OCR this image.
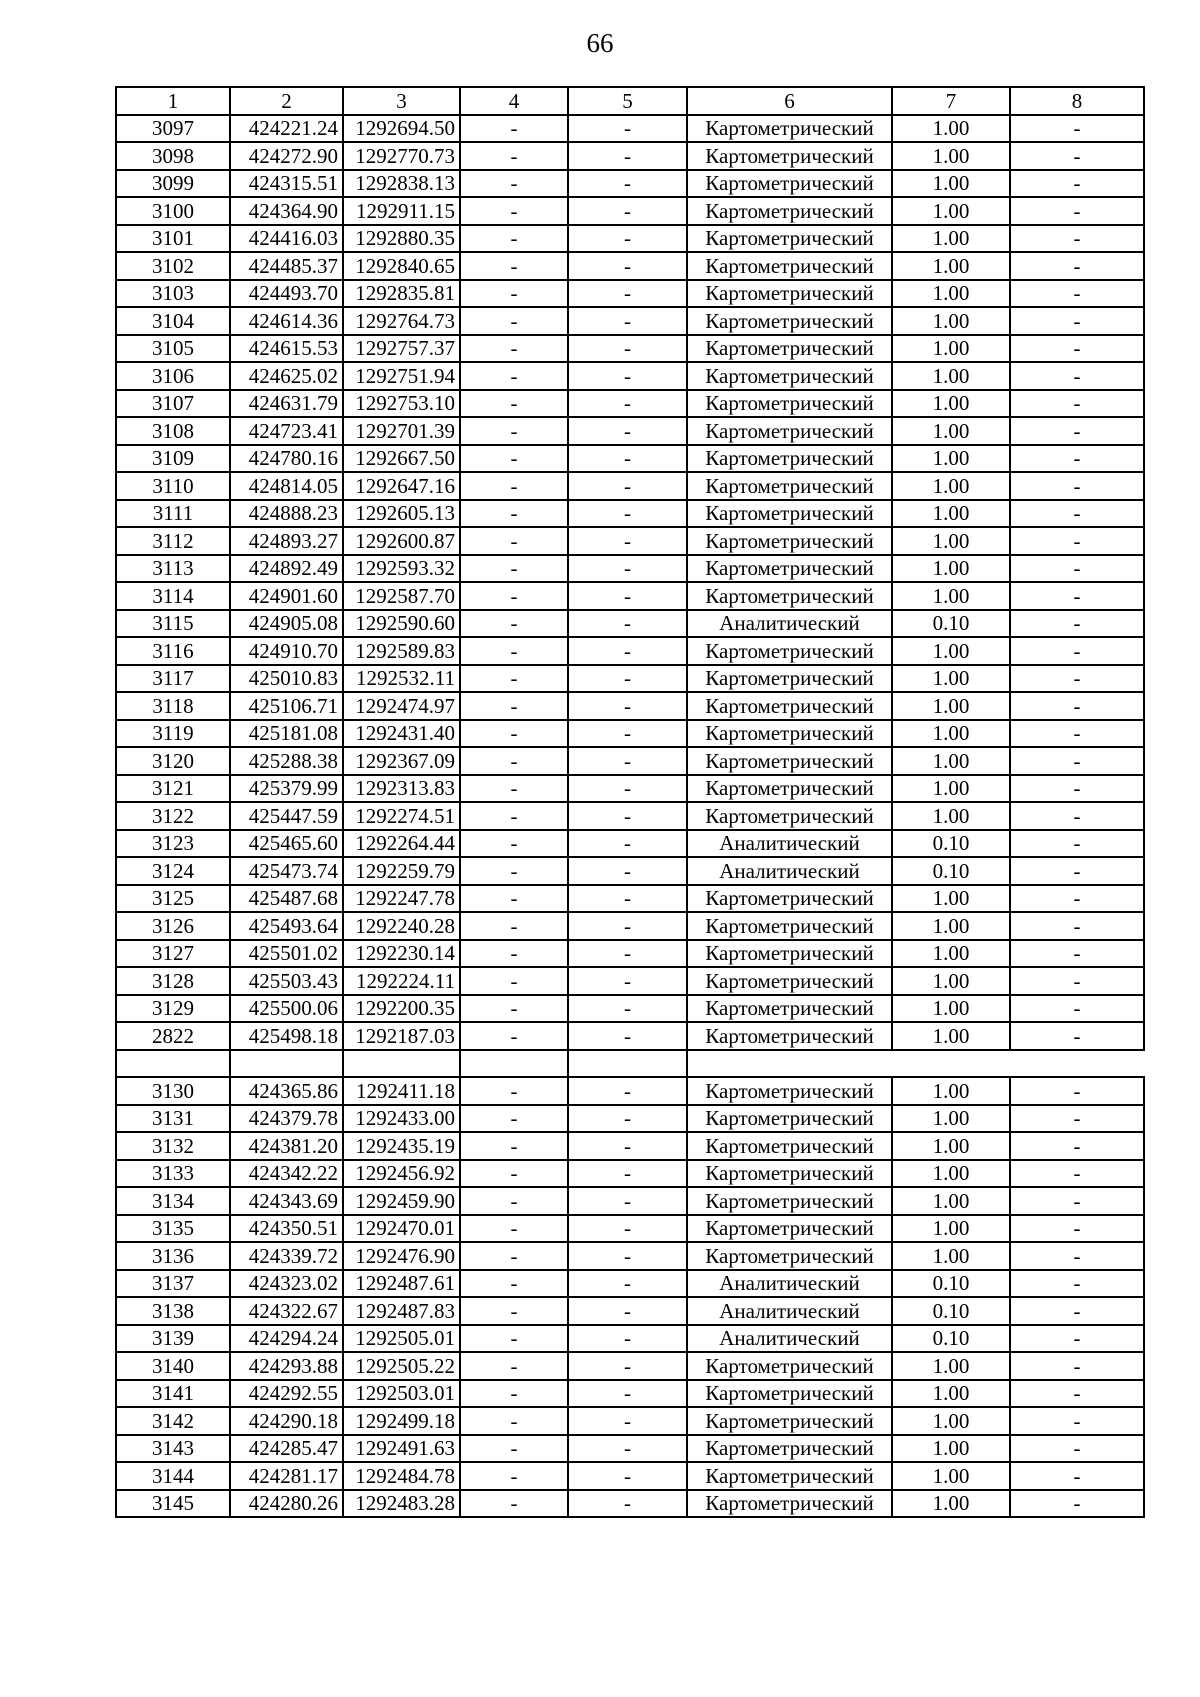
66
1	2	3	4	5	6	7	8
3097	424221.24	1292694.50	-	-	Картометрический	1.00	-
3098	424272.90	1292770.73	-	-	Картометрический	1.00	-
3099	424315.51	1292838.13	-	-	Картометрический	1.00	-
3100	424364.90	1292911.15	-	-	Картометрический	1.00	-
3101	424416.03	1292880.35	-	-	Картометрический	1.00	-
3102	424485.37	1292840.65	-	-	Картометрический	1.00	-
3103	424493.70	1292835.81	-	-	Картометрический	1.00	-
3104	424614.36	1292764.73	-	-	Картометрический	1.00	-
3105	424615.53	1292757.37	-	-	Картометрический	1.00	-
3106	424625.02	1292751.94	-	-	Картометрический	1.00	-
3107	424631.79	1292753.10	-	-	Картометрический	1.00	-
3108	424723.41	1292701.39	-	-	Картометрический	1.00	-
3109	424780.16	1292667.50	-	-	Картометрический	1.00	-
3110	424814.05	1292647.16	-	-	Картометрический	1.00	-
3111	424888.23	1292605.13	-	-	Картометрический	1.00	-
3112	424893.27	1292600.87	-	-	Картометрический	1.00	-
3113	424892.49	1292593.32	-	-	Картометрический	1.00	-
3114	424901.60	1292587.70	-	-	Картометрический	1.00	-
3115	424905.08	1292590.60	-	-	Аналитический	0.10	-
3116	424910.70	1292589.83	-	-	Картометрический	1.00	-
3117	425010.83	1292532.11	-	-	Картометрический	1.00	-
3118	425106.71	1292474.97	-	-	Картометрический	1.00	-
3119	425181.08	1292431.40	-	-	Картометрический	1.00	-
3120	425288.38	1292367.09	-	-	Картометрический	1.00	-
3121	425379.99	1292313.83	-	-	Картометрический	1.00	-
3122	425447.59	1292274.51	-	-	Картометрический	1.00	-
3123	425465.60	1292264.44	-	-	Аналитический	0.10	-
3124	425473.74	1292259.79	-	-	Аналитический	0.10	-
3125	425487.68	1292247.78	-	-	Картометрический	1.00	-
3126	425493.64	1292240.28	-	-	Картометрический	1.00	-
3127	425501.02	1292230.14	-	-	Картометрический	1.00	-
3128	425503.43	1292224.11	-	-	Картометрический	1.00	-
3129	425500.06	1292200.35	-	-	Картометрический	1.00	-
2822	425498.18	1292187.03	-	-	Картометрический	1.00	-

3130	424365.86	1292411.18	-	-	Картометрический	1.00	-
3131	424379.78	1292433.00	-	-	Картометрический	1.00	-
3132	424381.20	1292435.19	-	-	Картометрический	1.00	-
3133	424342.22	1292456.92	-	-	Картометрический	1.00	-
3134	424343.69	1292459.90	-	-	Картометрический	1.00	-
3135	424350.51	1292470.01	-	-	Картометрический	1.00	-
3136	424339.72	1292476.90	-	-	Картометрический	1.00	-
3137	424323.02	1292487.61	-	-	Аналитический	0.10	-
3138	424322.67	1292487.83	-	-	Аналитический	0.10	-
3139	424294.24	1292505.01	-	-	Аналитический	0.10	-
3140	424293.88	1292505.22	-	-	Картометрический	1.00	-
3141	424292.55	1292503.01	-	-	Картометрический	1.00	-
3142	424290.18	1292499.18	-	-	Картометрический	1.00	-
3143	424285.47	1292491.63	-	-	Картометрический	1.00	-
3144	424281.17	1292484.78	-	-	Картометрический	1.00	-
3145	424280.26	1292483.28	-	-	Картометрический	1.00	-
